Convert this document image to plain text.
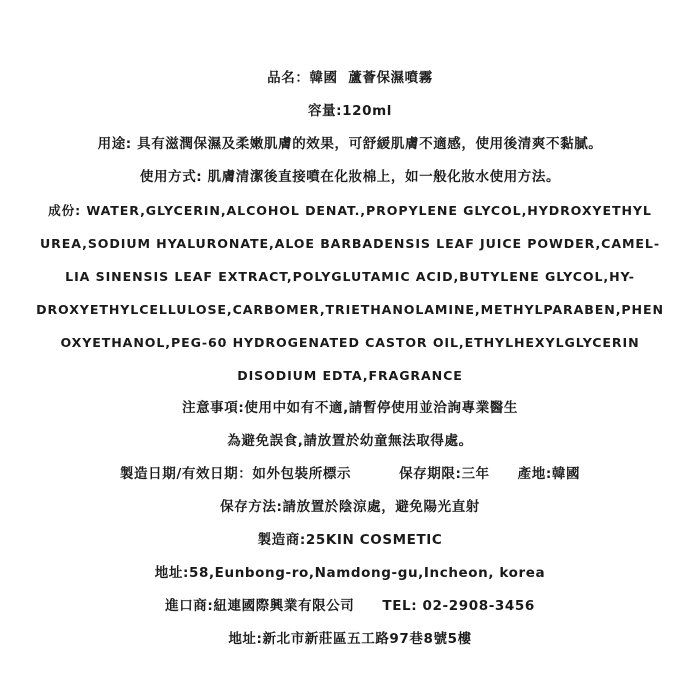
品名：韓國  蘆薈保濕噴霧
容量:120ml
用途: 具有滋潤保濕及柔嫩肌膚的效果，可舒緩肌膚不適感，使用後清爽不黏膩。
使用方式: 肌膚清潔後直接噴在化妝棉上，如一般化妝水使用方法。
成份: WATER,GLYCERIN,ALCOHOL DENAT.,PROPYLENE GLYCOL,HYDROXYETHYL
UREA,SODIUM HYALURONATE,ALOE BARBADENSIS LEAF JUICE POWDER,CAMEL-
LIA SINENSIS LEAF EXTRACT,POLYGLUTAMIC ACID,BUTYLENE GLYCOL,HY-
DROXYETHYLCELLULOSE,CARBOMER,TRIETHANOLAMINE,METHYLPARABEN,PHEN
OXYETHANOL,PEG-60 HYDROGENATED CASTOR OIL,ETHYLHEXYLGLYCERIN
DISODIUM EDTA,FRAGRANCE
注意事項:使用中如有不適,請暫停使用並洽詢專業醫生
為避免誤食,請放置於幼童無法取得處。
製造日期/有效日期：如外包裝所標示	保存期限:三年 產地:韓國
保存方法:請放置於陰涼處，避免陽光直射
製造商:25KIN COSMETIC
地址:58,Eunbong-ro,Namdong-gu,Incheon, korea
進口商:紐連國際興業有限公司 TEL: 02-2908-3456
地址:新北市新莊區五工路97巷8號5樓
